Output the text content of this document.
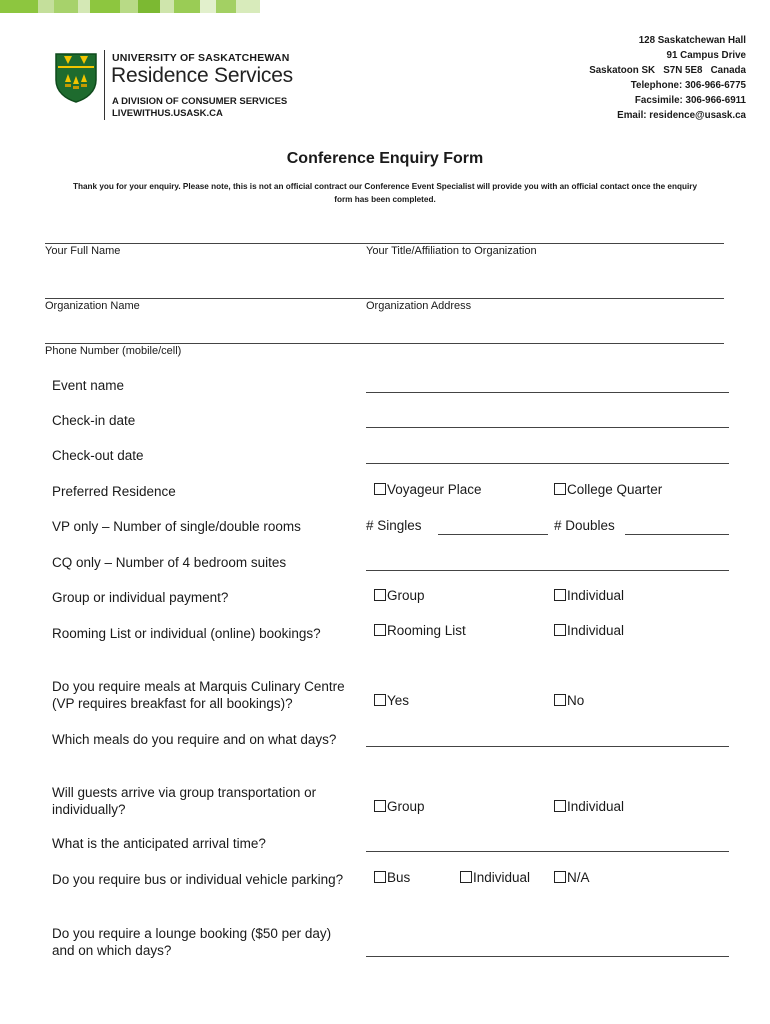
UNIVERSITY OF SASKATCHEWAN
Residence Services
A DIVISION OF CONSUMER SERVICES
LIVEWITHUS.USASK.CA
128 Saskatchewan Hall
91 Campus Drive
Saskatoon SK   S7N 5E8   Canada
Telephone: 306-966-6775
Facsimile: 306-966-6911
Email: residence@usask.ca
Conference Enquiry Form
Thank you for your enquiry. Please note, this is not an official contract our Conference Event Specialist will provide you with an official contact once the enquiry
form has been completed.
Your Full Name	Your Title/Affiliation to Organization
Organization Name	Organization Address
Phone Number (mobile/cell)
Event name
Check-in date
Check-out date
Preferred Residence	Voyageur Place	College Quarter
VP only – Number of single/double rooms	# Singles	# Doubles
CQ only – Number of 4 bedroom suites
Group or individual payment?	Group	Individual
Rooming List or individual (online) bookings?	Rooming List	Individual
Do you require meals at Marquis Culinary Centre
(VP requires breakfast for all bookings)?	Yes	No
Which meals do you require and on what days?
Will guests arrive via group transportation or
individually?	Group	Individual
What is the anticipated arrival time?
Do you require bus or individual vehicle parking?	Bus	Individual	N/A
Do you require a lounge booking ($50 per day)
and on which days?
